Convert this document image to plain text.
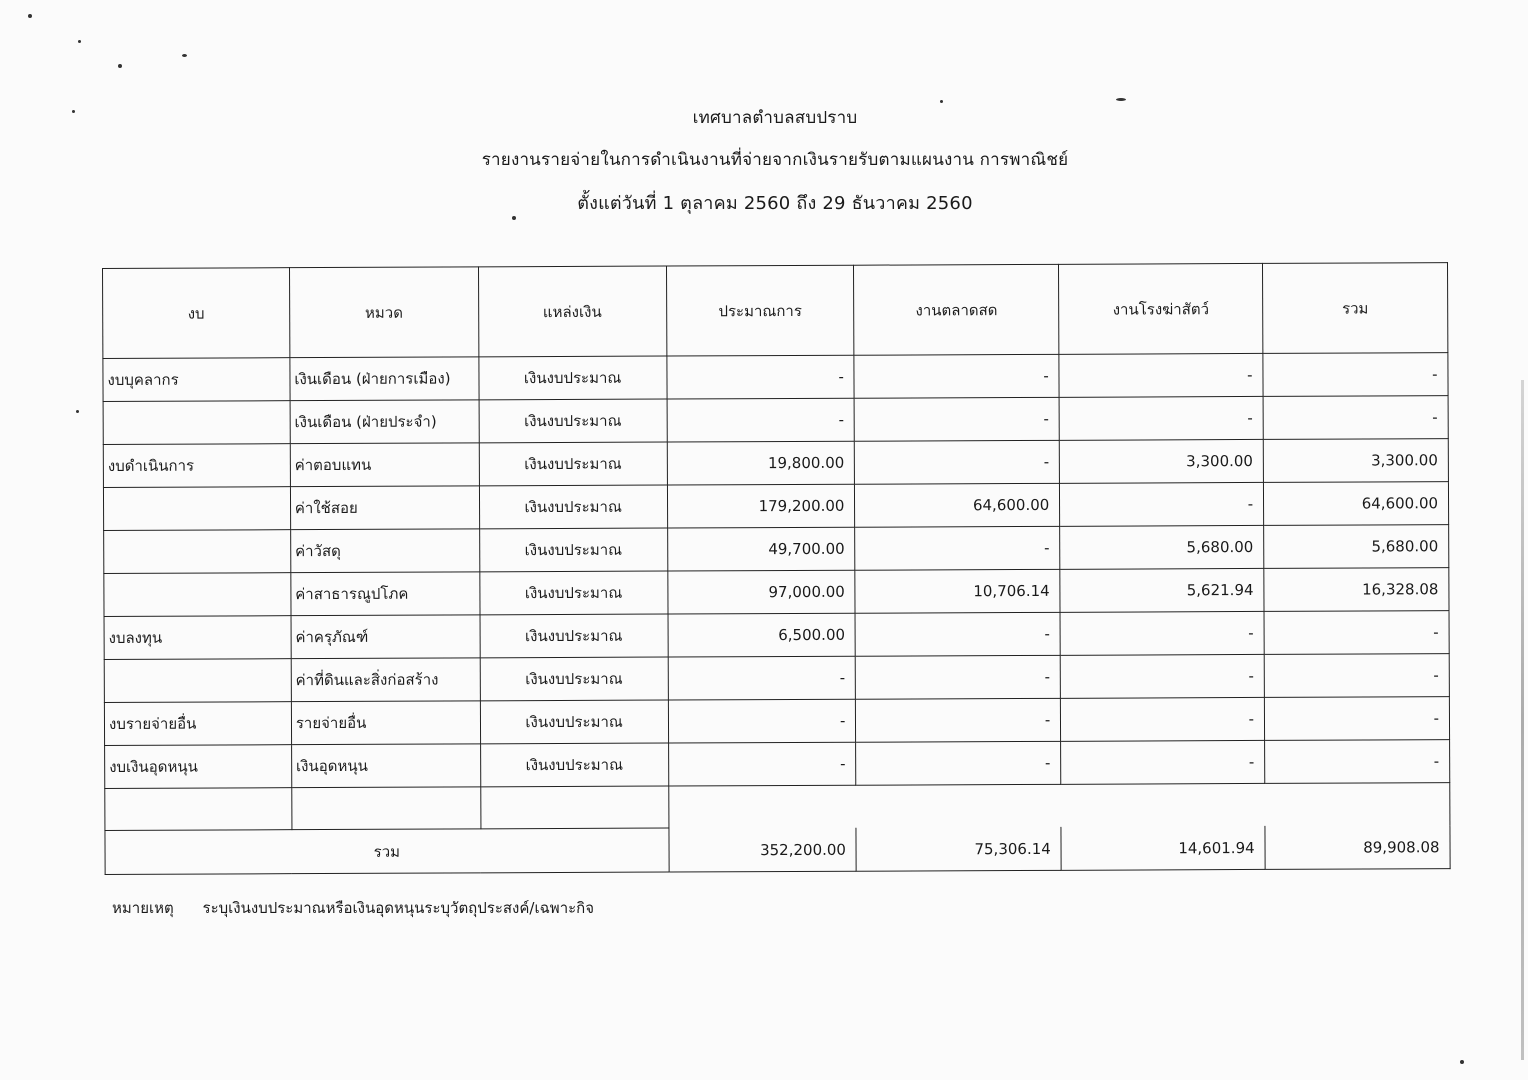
เทศบาลตำบลสบปราบ
รายงานรายจ่ายในการดำเนินงานที่จ่ายจากเงินรายรับตามแผนงาน การพาณิชย์
ตั้งแต่วันที่ 1 ตุลาคม 2560 ถึง 29 ธันวาคม 2560
งบ	หมวด	แหล่งเงิน	ประมาณการ	งานตลาดสด	งานโรงฆ่าสัตว์	รวม
งบบุคลากร	เงินเดือน (ฝ่ายการเมือง)	เงินงบประมาณ	-	-	-	-
	เงินเดือน (ฝ่ายประจำ)	เงินงบประมาณ	-	-	-	-
งบดำเนินการ	ค่าตอบแทน	เงินงบประมาณ	19,800.00	-	3,300.00	3,300.00
	ค่าใช้สอย	เงินงบประมาณ	179,200.00	64,600.00	-	64,600.00
	ค่าวัสดุ	เงินงบประมาณ	49,700.00	-	5,680.00	5,680.00
	ค่าสาธารณูปโภค	เงินงบประมาณ	97,000.00	10,706.14	5,621.94	16,328.08
งบลงทุน	ค่าครุภัณฑ์	เงินงบประมาณ	6,500.00	-	-	-
	ค่าที่ดินและสิ่งก่อสร้าง	เงินงบประมาณ	-	-	-	-
งบรายจ่ายอื่น	รายจ่ายอื่น	เงินงบประมาณ	-	-	-	-
งบเงินอุดหนุน	เงินอุดหนุน	เงินงบประมาณ	-	-	-	-

รวม			352,200.00	75,306.14	14,601.94	89,908.08
หมายเหตุ ระบุเงินงบประมาณหรือเงินอุดหนุนระบุวัตถุประสงค์/เฉพาะกิจ
